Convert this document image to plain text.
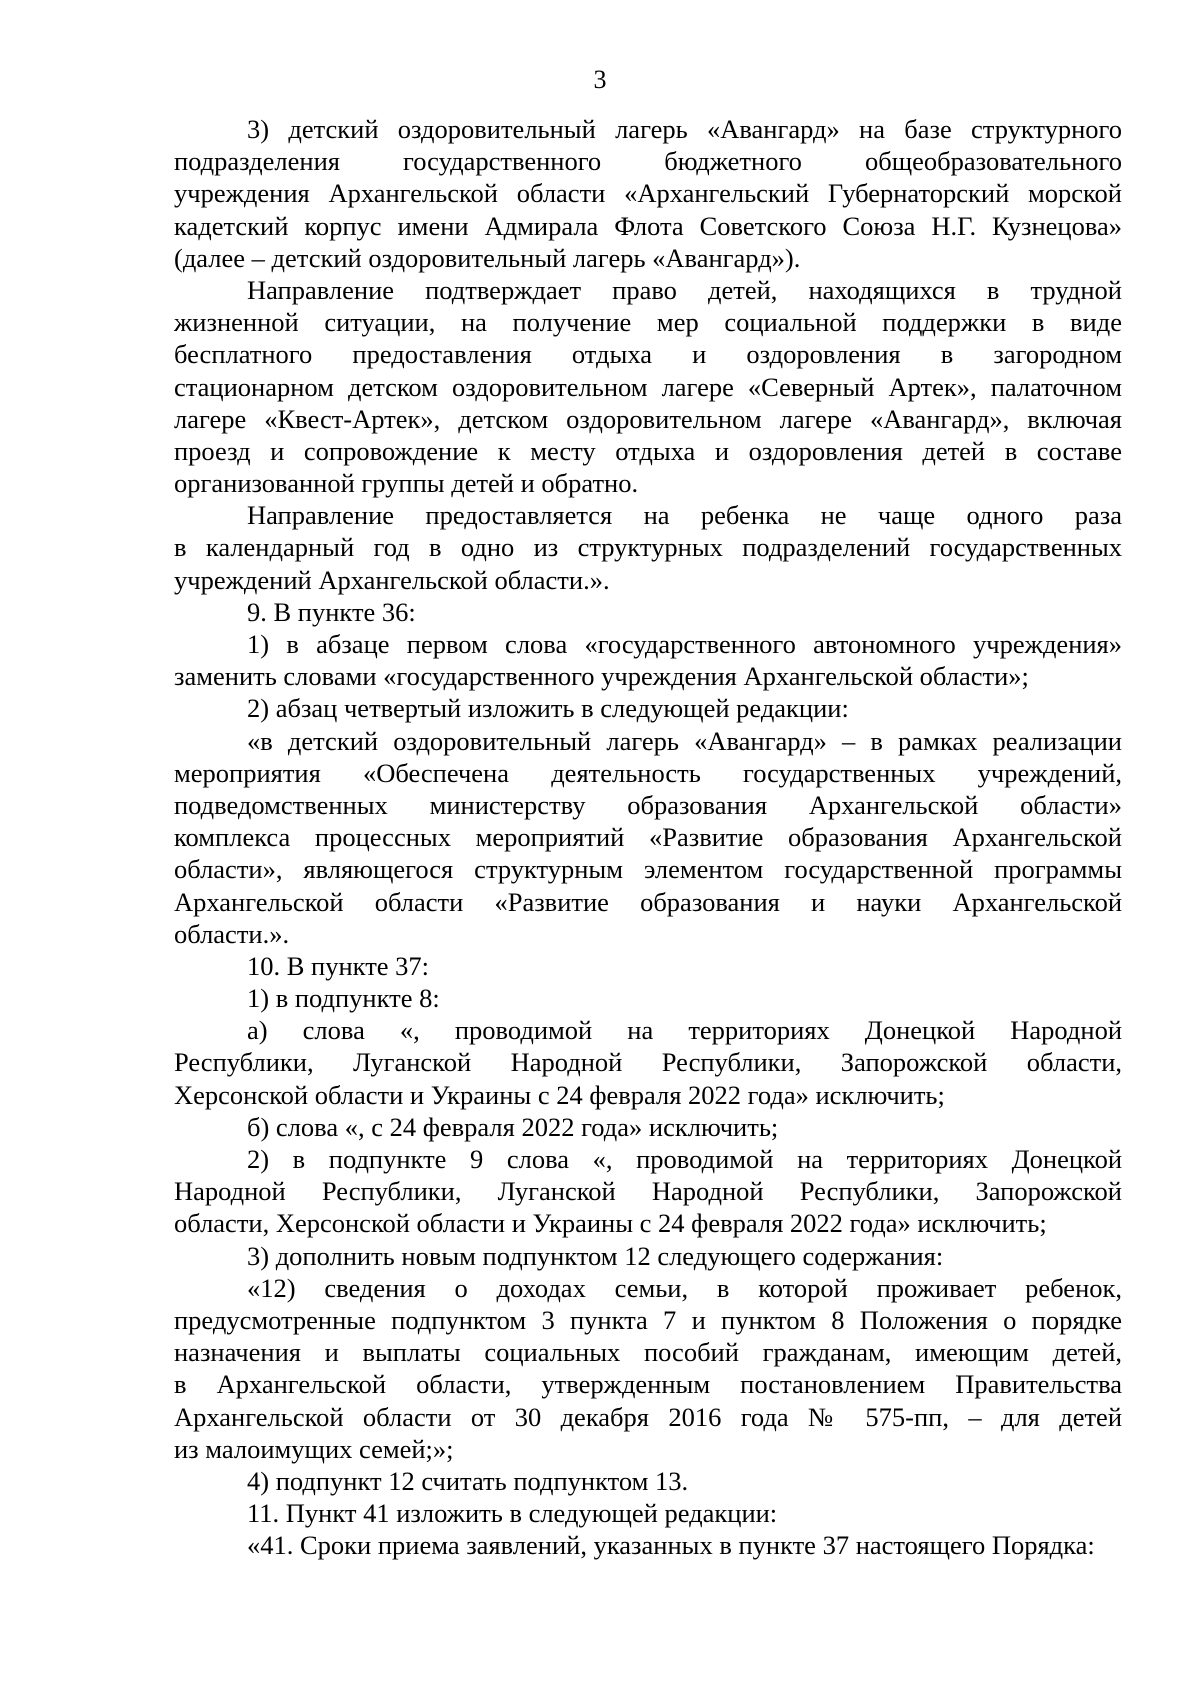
3
3) детский оздоровительный лагерь «Авангард» на базе структурного
подразделения государственного бюджетного общеобразовательного
учреждения Архангельской области «Архангельский Губернаторский морской
кадетский корпус имени Адмирала Флота Советского Союза Н.Г. Кузнецова»
(далее – детский оздоровительный лагерь «Авангард»).
Направление подтверждает право детей, находящихся в трудной
жизненной ситуации, на получение мер социальной поддержки в виде
бесплатного предоставления отдыха и оздоровления в загородном
стационарном детском оздоровительном лагере «Северный Артек», палаточном
лагере «Квест-Артек», детском оздоровительном лагере «Авангард», включая
проезд и сопровождение к месту отдыха и оздоровления детей в составе
организованной группы детей и обратно.
Направление предоставляется на ребенка не чаще одного раза
в календарный год в одно из структурных подразделений государственных
учреждений Архангельской области.».
9. В пункте 36:
1) в абзаце первом слова «государственного автономного учреждения»
заменить словами «государственного учреждения Архангельской области»;
2) абзац четвертый изложить в следующей редакции:
«в детский оздоровительный лагерь «Авангард» – в рамках реализации
мероприятия «Обеспечена деятельность государственных учреждений,
подведомственных министерству образования Архангельской области»
комплекса процессных мероприятий «Развитие образования Архангельской
области», являющегося структурным элементом государственной программы
Архангельской области «Развитие образования и науки Архангельской
области.».
10. В пункте 37:
1) в подпункте 8:
а) слова «, проводимой на территориях Донецкой Народной
Республики, Луганской Народной Республики, Запорожской области,
Херсонской области и Украины с 24 февраля 2022 года» исключить;
б) слова «, с 24 февраля 2022 года» исключить;
2) в подпункте 9 слова «, проводимой на территориях Донецкой
Народной Республики, Луганской Народной Республики, Запорожской
области, Херсонской области и Украины с 24 февраля 2022 года» исключить;
3) дополнить новым подпунктом 12 следующего содержания:
«12) сведения о доходах семьи, в которой проживает ребенок,
предусмотренные подпунктом 3 пункта 7 и пунктом 8 Положения о порядке
назначения и выплаты социальных пособий гражданам, имеющим детей,
в Архангельской области, утвержденным постановлением Правительства
Архангельской области от 30 декабря 2016 года № 575-пп, – для детей
из малоимущих семей;»;
4) подпункт 12 считать подпунктом 13.
11. Пункт 41 изложить в следующей редакции:
«41. Сроки приема заявлений, указанных в пункте 37 настоящего Порядка:
